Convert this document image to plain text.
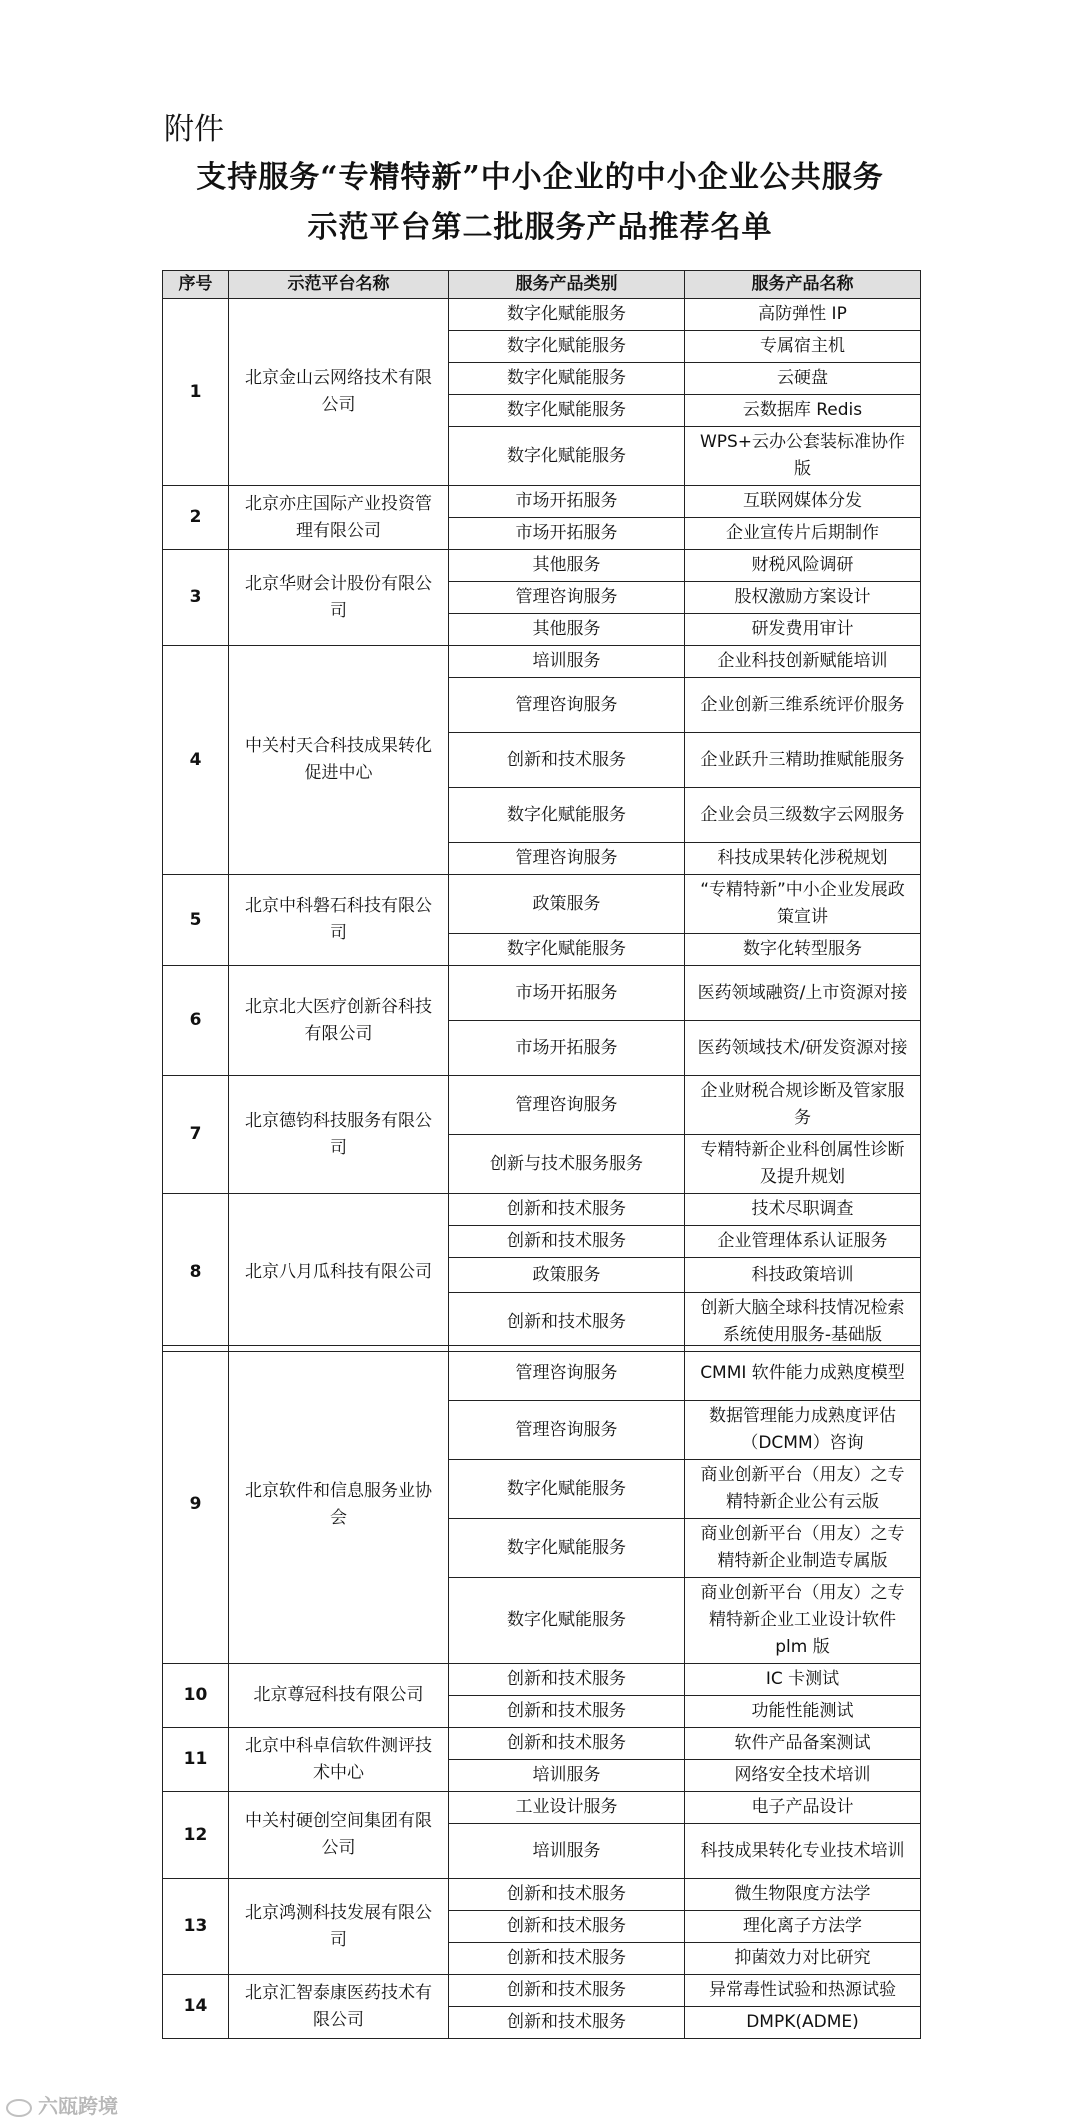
附件
支持服务“专精特新”中小企业的中小企业公共服务
示范平台第二批服务产品推荐名单
序号	示范平台名称	服务产品类别	服务产品名称
1	北京金山云网络技术有限公司	数字化赋能服务	高防弹性 IP
		数字化赋能服务	专属宿主机
		数字化赋能服务	云硬盘
		数字化赋能服务	云数据库 Redis
		数字化赋能服务	WPS+云办公套装标准协作版
2	北京亦庄国际产业投资管理有限公司	市场开拓服务	互联网媒体分发
		市场开拓服务	企业宣传片后期制作
3	北京华财会计股份有限公司	其他服务	财税风险调研
		管理咨询服务	股权激励方案设计
		其他服务	研发费用审计
4	中关村天合科技成果转化促进中心	培训服务	企业科技创新赋能培训
		管理咨询服务	企业创新三维系统评价服务
		创新和技术服务	企业跃升三精助推赋能服务
		数字化赋能服务	企业会员三级数字云网服务
		管理咨询服务	科技成果转化涉税规划
5	北京中科磐石科技有限公司	政策服务	“专精特新”中小企业发展政策宣讲
		数字化赋能服务	数字化转型服务
6	北京北大医疗创新谷科技有限公司	市场开拓服务	医药领域融资/上市资源对接
		市场开拓服务	医药领域技术/研发资源对接
7	北京德钧科技服务有限公司	管理咨询服务	企业财税合规诊断及管家服务
		创新与技术服务服务	专精特新企业科创属性诊断及提升规划
8	北京八月瓜科技有限公司	创新和技术服务	技术尽职调查
		创新和技术服务	企业管理体系认证服务
		政策服务	科技政策培训
		创新和技术服务	创新大脑全球科技情况检索系统使用服务-基础版
9	北京软件和信息服务业协会	管理咨询服务	CMMI 软件能力成熟度模型
		管理咨询服务	数据管理能力成熟度评估（DCMM）咨询
		数字化赋能服务	商业创新平台（用友）之专精特新企业公有云版
		数字化赋能服务	商业创新平台（用友）之专精特新企业制造专属版
		数字化赋能服务	商业创新平台（用友）之专精特新企业工业设计软件 plm 版
10	北京尊冠科技有限公司	创新和技术服务	IC 卡测试
		创新和技术服务	功能性能测试
11	北京中科卓信软件测评技术中心	创新和技术服务	软件产品备案测试
		培训服务	网络安全技术培训
12	中关村硬创空间集团有限公司	工业设计服务	电子产品设计
		培训服务	科技成果转化专业技术培训
13	北京鸿测科技发展有限公司	创新和技术服务	微生物限度方法学
		创新和技术服务	理化离子方法学
		创新和技术服务	抑菌效力对比研究
14	北京汇智泰康医药技术有限公司	创新和技术服务	异常毒性试验和热源试验
		创新和技术服务	DMPK(ADME)
六瓯跨境
